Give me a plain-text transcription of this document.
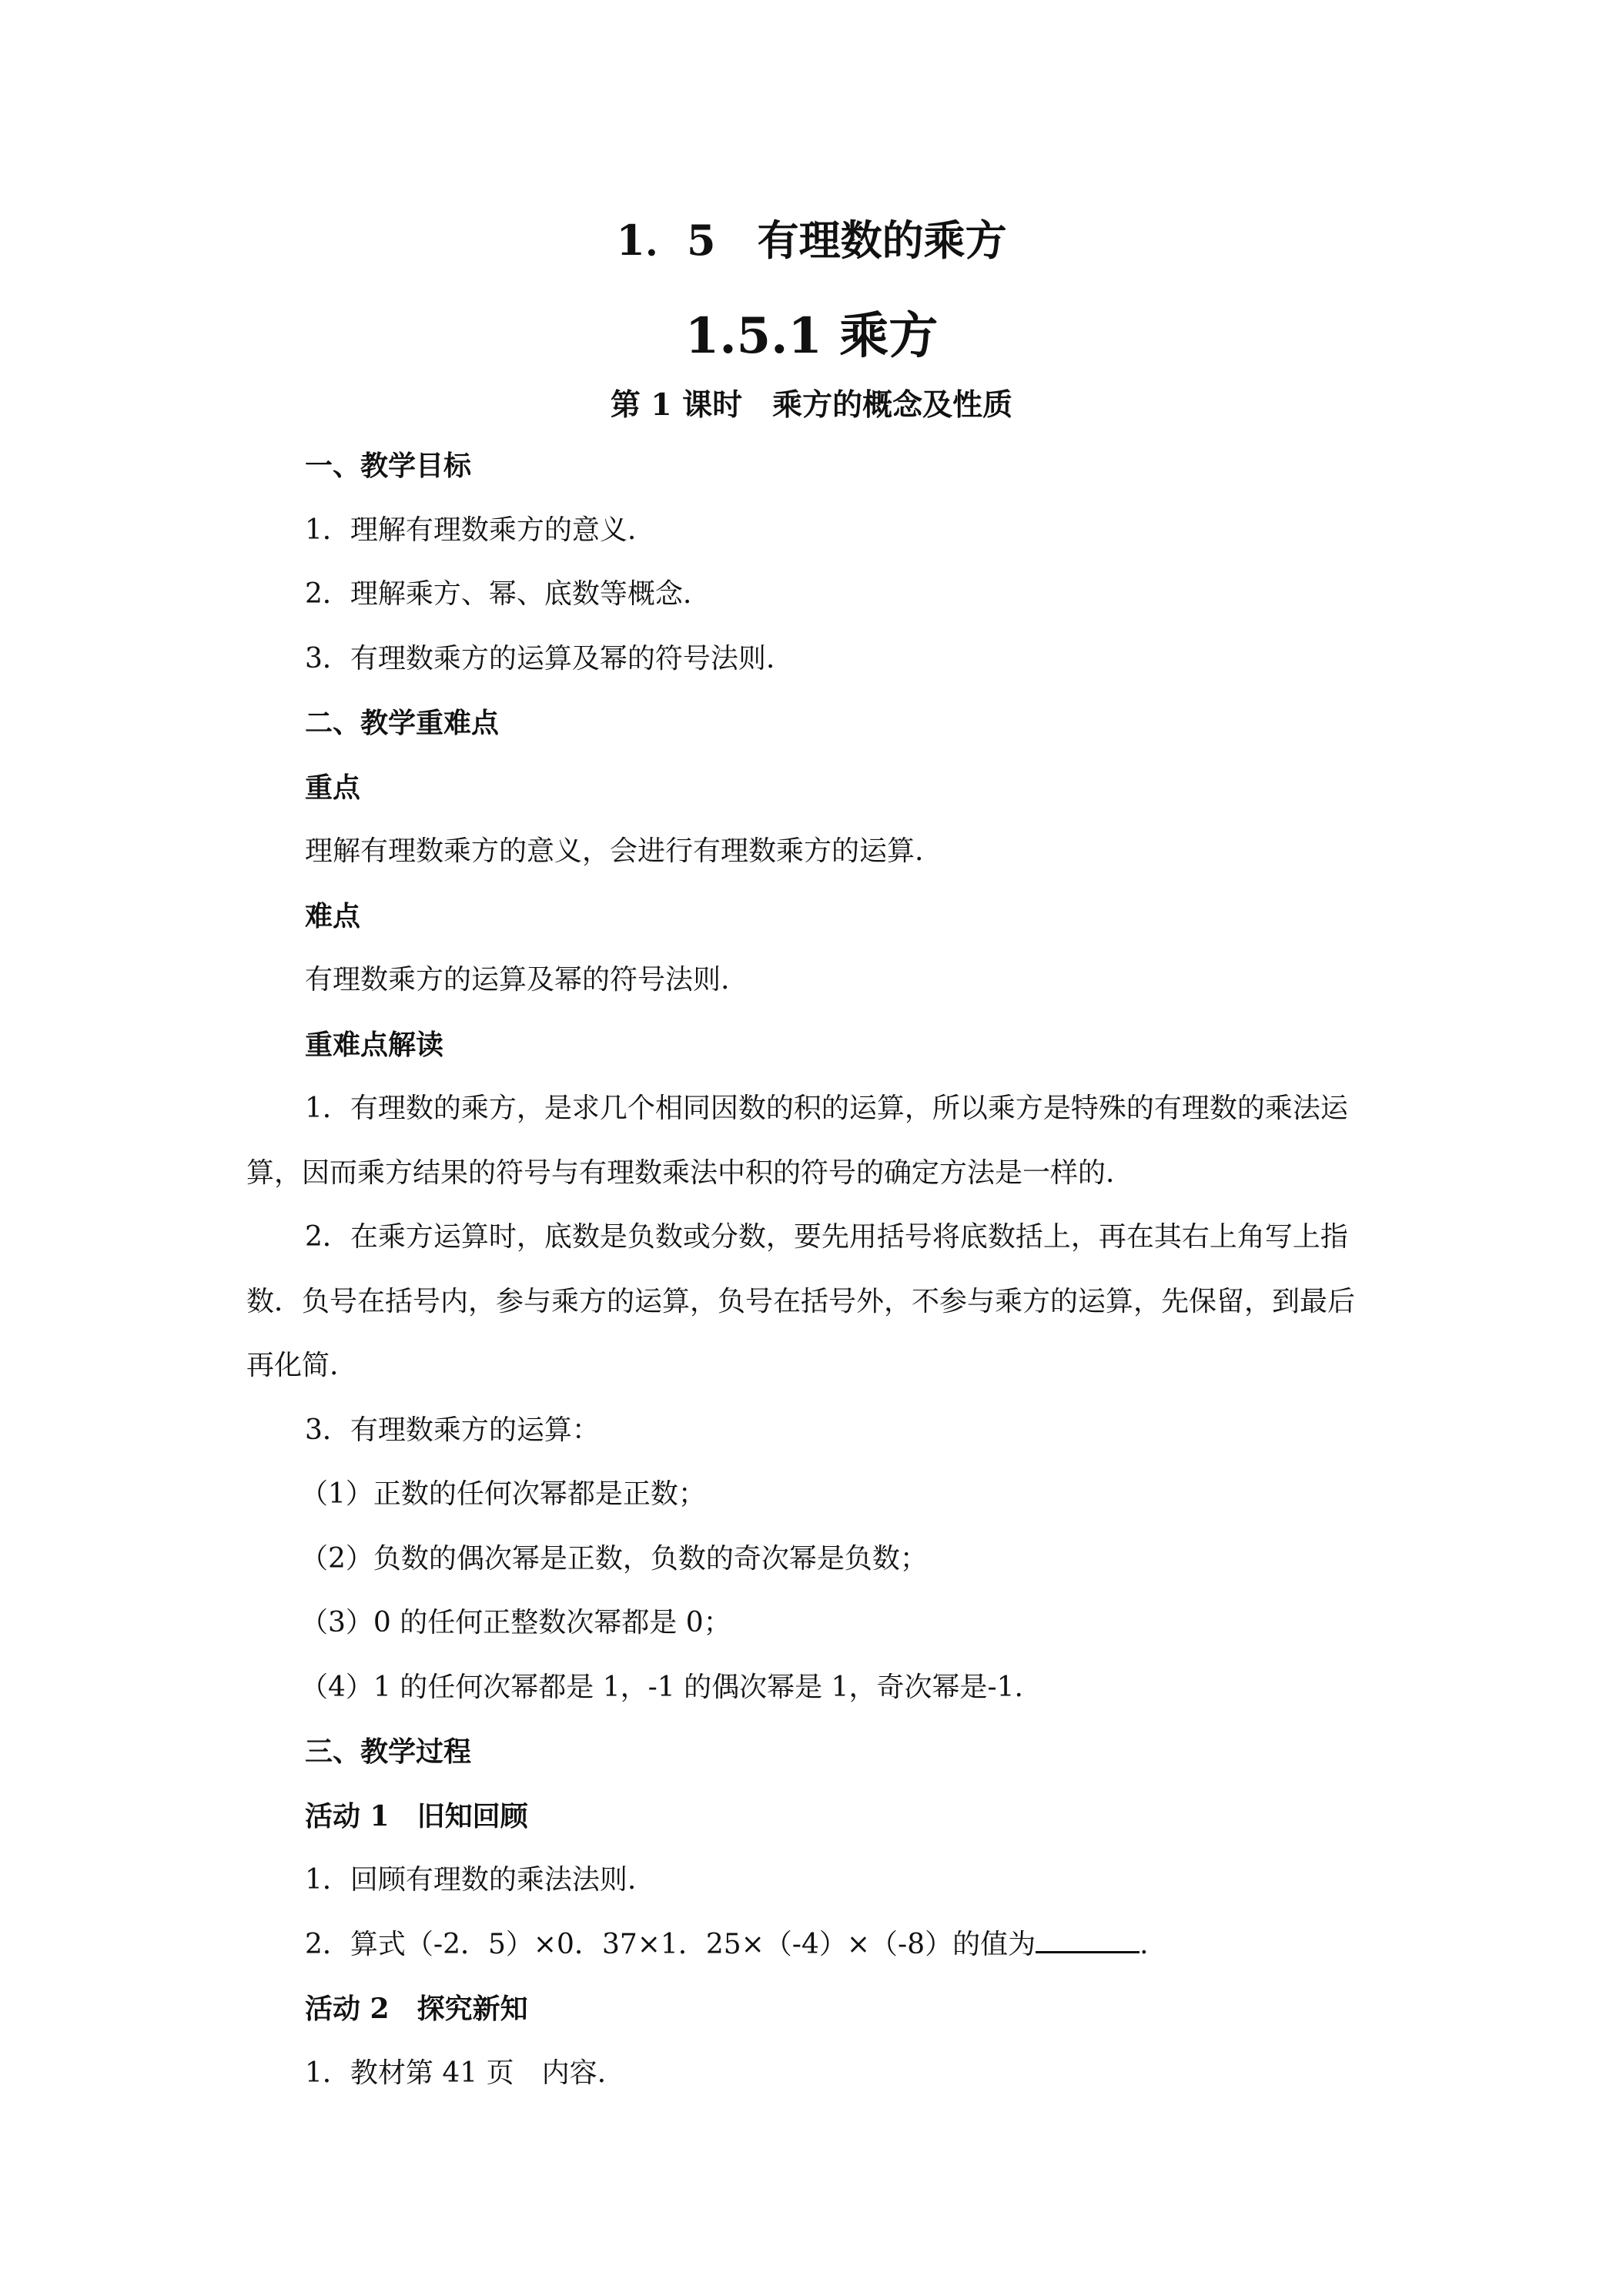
1．5　有理数的乘方
1.5.1 乘方
第 1 课时　乘方的概念及性质
一、教学目标
1．理解有理数乘方的意义.
2．理解乘方、幂、底数等概念.
3．有理数乘方的运算及幂的符号法则.
二、教学重难点
重点
理解有理数乘方的意义，会进行有理数乘方的运算.
难点
有理数乘方的运算及幂的符号法则.
重难点解读
1．有理数的乘方，是求几个相同因数的积的运算，所以乘方是特殊的有理数的乘法运
算，因而乘方结果的符号与有理数乘法中积的符号的确定方法是一样的.
2．在乘方运算时，底数是负数或分数，要先用括号将底数括上，再在其右上角写上指
数．负号在括号内，参与乘方的运算，负号在括号外，不参与乘方的运算，先保留，到最后
再化简.
3．有理数乘方的运算：
（1）正数的任何次幂都是正数；
（2）负数的偶次幂是正数，负数的奇次幂是负数；
（3）0 的任何正整数次幂都是 0；
（4）1 的任何次幂都是 1，-1 的偶次幂是 1，奇次幂是-1.
三、教学过程
活动 1　旧知回顾
1．回顾有理数的乘法法则.
2．算式（-2．5）×0．37×1．25×（-4）×（-8）的值为	.
活动 2　探究新知
1．教材第 41 页　内容.
